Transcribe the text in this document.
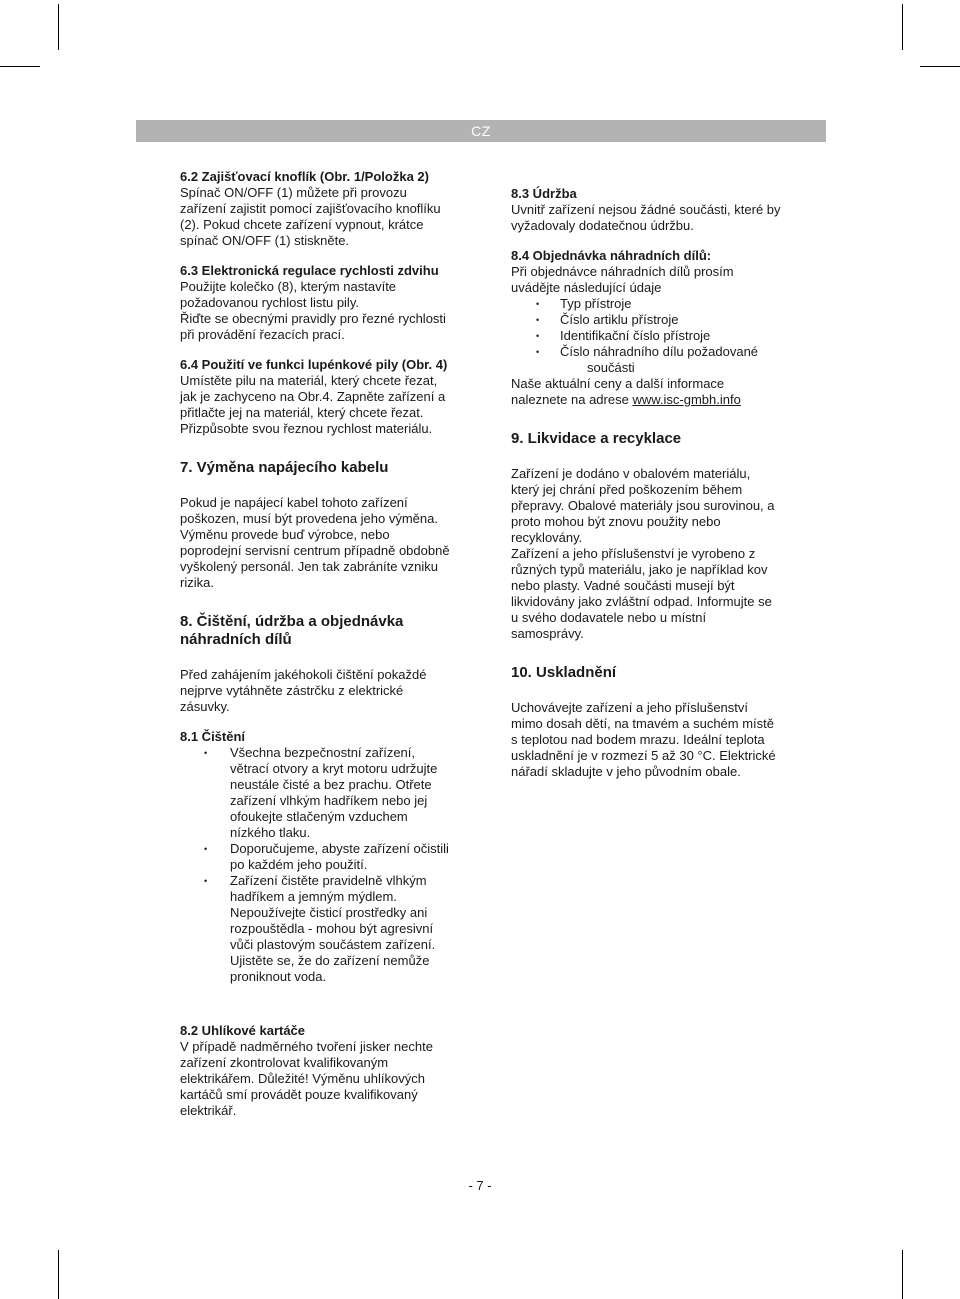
CZ

6.2 Zajišťovací knoflík (Obr. 1/Položka 2)

Spínač ON/OFF (1) můžete při provozu

zařízení zajistit pomocí zajišťovacího knoflíku

(2). Pokud chcete zařízení vypnout, krátce

spínač ON/OFF (1) stiskněte.

6.3 Elektronická regulace rychlosti zdvihu

Použijte kolečko (8), kterým nastavíte

požadovanou rychlost listu pily.

Řiďte se obecnými pravidly pro řezné rychlosti

při provádění řezacích prací.

6.4 Použití ve funkci lupénkové pily (Obr. 4)

Umístěte pilu na materiál, který chcete řezat,

jak je zachyceno na Obr.4. Zapněte zařízení a

přitlačte jej na materiál, který chcete řezat.

Přizpůsobte svou řeznou rychlost materiálu.

7. Výměna napájecího kabelu

Pokud je napájecí kabel tohoto zařízení

poškozen, musí být provedena jeho výměna.

Výměnu provede buď výrobce, nebo

poprodejní servisní centrum případně obdobně

vyškolený personál. Jen tak zabráníte vzniku

rizika.

8. Čištění, údržba a objednávka

náhradních dílů

Před zahájením jakéhokoli čištění pokaždé

nejprve vytáhněte zástrčku z elektrické

zásuvky.

8.1 Čištění

• Všechna bezpečnostní zařízení,
větrací otvory a kryt motoru udržujte
neustále čisté a bez prachu. Otřete
zařízení vlhkým hadříkem nebo jej
ofoukejte stlačeným vzduchem
nízkého tlaku.
• Doporučujeme, abyste zařízení očistili
po každém jeho použití.
• Zařízení čistěte pravidelně vlhkým
hadříkem a jemným mýdlem.
Nepoužívejte čisticí prostředky ani
rozpouštědla - mohou být agresivní
vůči plastovým součástem zařízení.
Ujistěte se, že do zařízení nemůže
proniknout voda.

8.2 Uhlíkové kartáče

V případě nadměrného tvoření jisker nechte

zařízení zkontrolovat kvalifikovaným

elektrikářem. Důležité! Výměnu uhlíkových

kartáčů smí provádět pouze kvalifikovaný

elektrikář.

8.3 Údržba

Uvnitř zařízení nejsou žádné součásti, které by

vyžadovaly dodatečnou údržbu.

8.4 Objednávka náhradních dílů:

Při objednávce náhradních dílů prosím

uvádějte následující údaje

• Typ přístroje
• Číslo artiklu přístroje
• Identifikační číslo přístroje
• Číslo náhradního dílu požadované
součásti

Naše aktuální ceny a další informace

naleznete na adrese www.isc-gmbh.info

9. Likvidace a recyklace

Zařízení je dodáno v obalovém materiálu,

který jej chrání před poškozením během

přepravy. Obalové materiály jsou surovinou, a

proto mohou být znovu použity nebo

recyklovány.

Zařízení a jeho příslušenství je vyrobeno z

různých typů materiálu, jako je například kov

nebo plasty. Vadné součásti musejí být

likvidovány jako zvláštní odpad. Informujte se

u svého dodavatele nebo u místní

samosprávy.

10. Uskladnění

Uchovávejte zařízení a jeho příslušenství

mimo dosah dětí, na tmavém a suchém místě

s teplotou nad bodem mrazu. Ideální teplota

uskladnění je v rozmezí 5 až 30 °C. Elektrické

nářadí skladujte v jeho původním obale.

- 7 -
